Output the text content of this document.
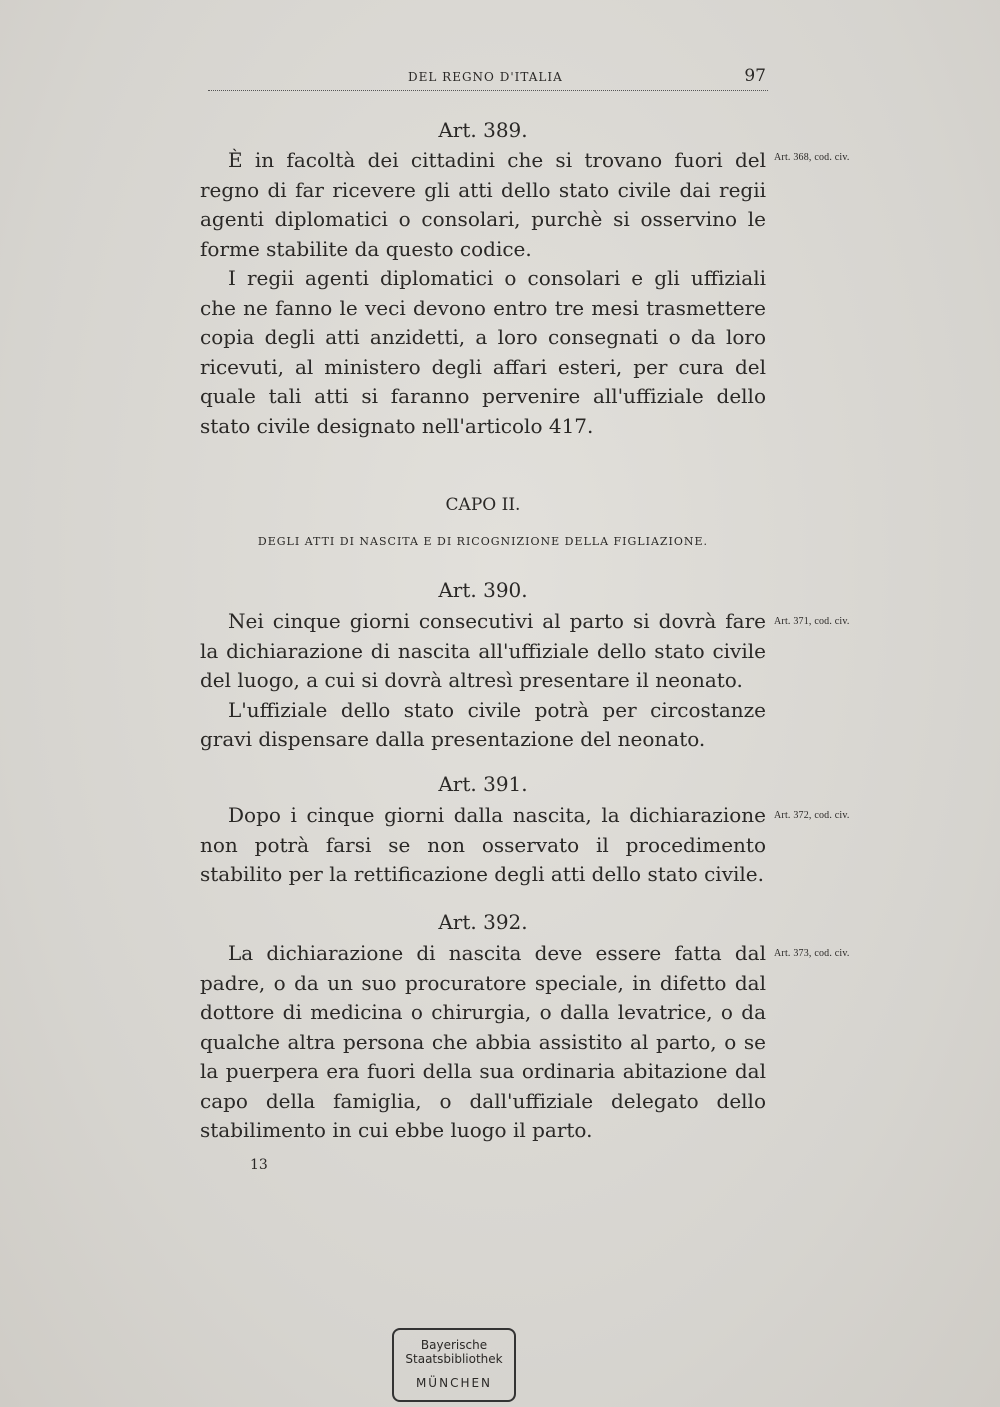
DEL REGNO D'ITALIA	97
Art. 389.
Art. 368, cod. civ.

È in facoltà dei cittadini che si trovano fuori del regno di far ricevere gli atti dello stato civile dai regii agenti diplomatici o consolari, purchè si osservino le forme stabilite da questo codice.

I regii agenti diplomatici o consolari e gli uffiziali che ne fanno le veci devono entro tre mesi trasmettere copia degli atti anzidetti, a loro consegnati o da loro ricevuti, al ministero degli affari esteri, per cura del quale tali atti si faranno pervenire all'uffiziale dello stato civile designato nell'articolo 417.

CAPO II.
DEGLI ATTI DI NASCITA E DI RICOGNIZIONE DELLA FIGLIAZIONE.
Art. 390.
Art. 371, cod. civ.

Nei cinque giorni consecutivi al parto si dovrà fare la dichiarazione di nascita all'uffiziale dello stato civile del luogo, a cui si dovrà altresì presentare il neonato.

L'uffiziale dello stato civile potrà per circostanze gravi dispensare dalla presentazione del neonato.

Art. 391.
Art. 372, cod. civ.

Dopo i cinque giorni dalla nascita, la dichiarazione non potrà farsi se non osservato il procedimento stabilito per la rettificazione degli atti dello stato civile.

Art. 392.
Art. 373, cod. civ.

La dichiarazione di nascita deve essere fatta dal padre, o da un suo procuratore speciale, in difetto dal dottore di medicina o chirurgia, o dalla levatrice, o da qualche altra persona che abbia assistito al parto, o se la puerpera era fuori della sua ordinaria abitazione dal capo della famiglia, o dall'uffiziale delegato dello stabilimento in cui ebbe luogo il parto.

13
Bayerische
Staatsbibliothek
MÜNCHEN
